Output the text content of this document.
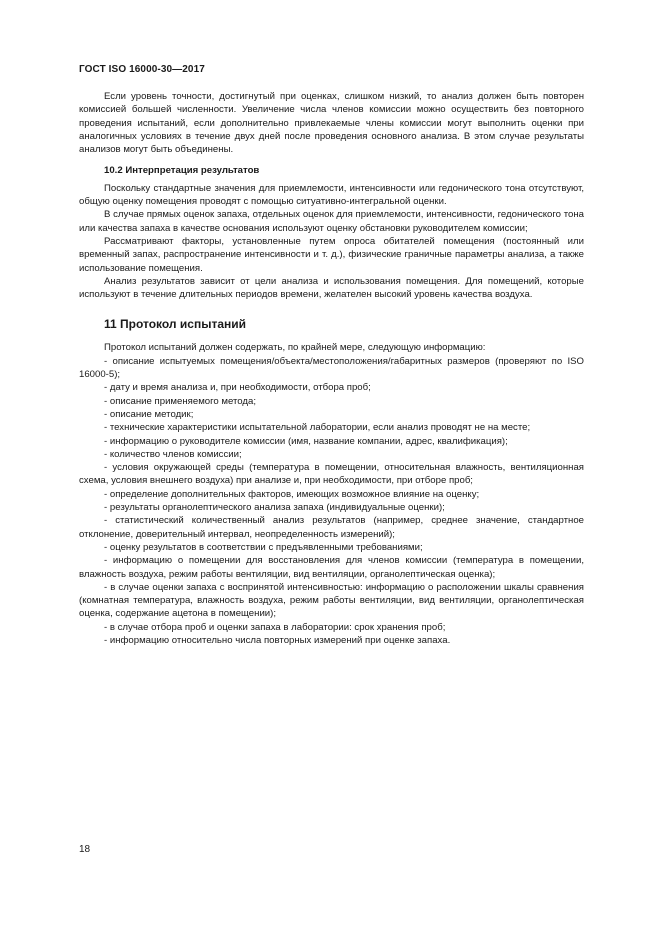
ГОСТ ISO 16000-30—2017

Если уровень точности, достигнутый при оценках, слишком низкий, то анализ должен быть повторен комиссией большей численности. Увеличение числа членов комиссии можно осуществить без повторного проведения испытаний, если дополнительно привлекаемые члены комиссии могут выполнить оценки при аналогичных условиях в течение двух дней после проведения основного анализа. В этом случае результаты анализов могут быть объединены.

10.2 Интерпретация результатов

Поскольку стандартные значения для приемлемости, интенсивности или гедонического тона отсутствуют, общую оценку помещения проводят с помощью ситуативно-интегральной оценки.

В случае прямых оценок запаха, отдельных оценок для приемлемости, интенсивности, гедонического тона или качества запаха в качестве основания используют оценку обстановки руководителем комиссии;

Рассматривают факторы, установленные путем опроса обитателей помещения (постоянный или временный запах, распространение интенсивности и т. д.), физические граничные параметры анализа, а также использование помещения.

Анализ результатов зависит от цели анализа и использования помещения. Для помещений, которые используют в течение длительных периодов времени, желателен высокий уровень качества воздуха.

11 Протокол испытаний

Протокол испытаний должен содержать, по крайней мере, следующую информацию:

- описание испытуемых помещения/объекта/местоположения/габаритных размеров (проверяют по ISO 16000-5);

- дату и время анализа и, при необходимости, отбора проб;

- описание применяемого метода;

- описание методик;

- технические характеристики испытательной лаборатории, если анализ проводят не на месте;

- информацию о руководителе комиссии (имя, название компании, адрес, квалификация);

- количество членов комиссии;

- условия окружающей среды (температура в помещении, относительная влажность, вентиляционная схема, условия внешнего воздуха) при анализе и, при необходимости, при отборе проб;

- определение дополнительных факторов, имеющих возможное влияние на оценку;

- результаты органолептического анализа запаха (индивидуальные оценки);

- статистический количественный анализ результатов (например, среднее значение, стандартное отклонение, доверительный интервал, неопределенность измерений);

- оценку результатов в соответствии с предъявленными требованиями;

- информацию о помещении для восстановления для членов комиссии (температура в помещении, влажность воздуха, режим работы вентиляции, вид вентиляции, органолептическая оценка);

- в случае оценки запаха с воспринятой интенсивностью: информацию о расположении шкалы сравнения (комнатная температура, влажность воздуха, режим работы вентиляции, вид вентиляции, органолептическая оценка, содержание ацетона в помещении);

- в случае отбора проб и оценки запаха в лаборатории: срок хранения проб;

- информацию относительно числа повторных измерений при оценке запаха.

18
